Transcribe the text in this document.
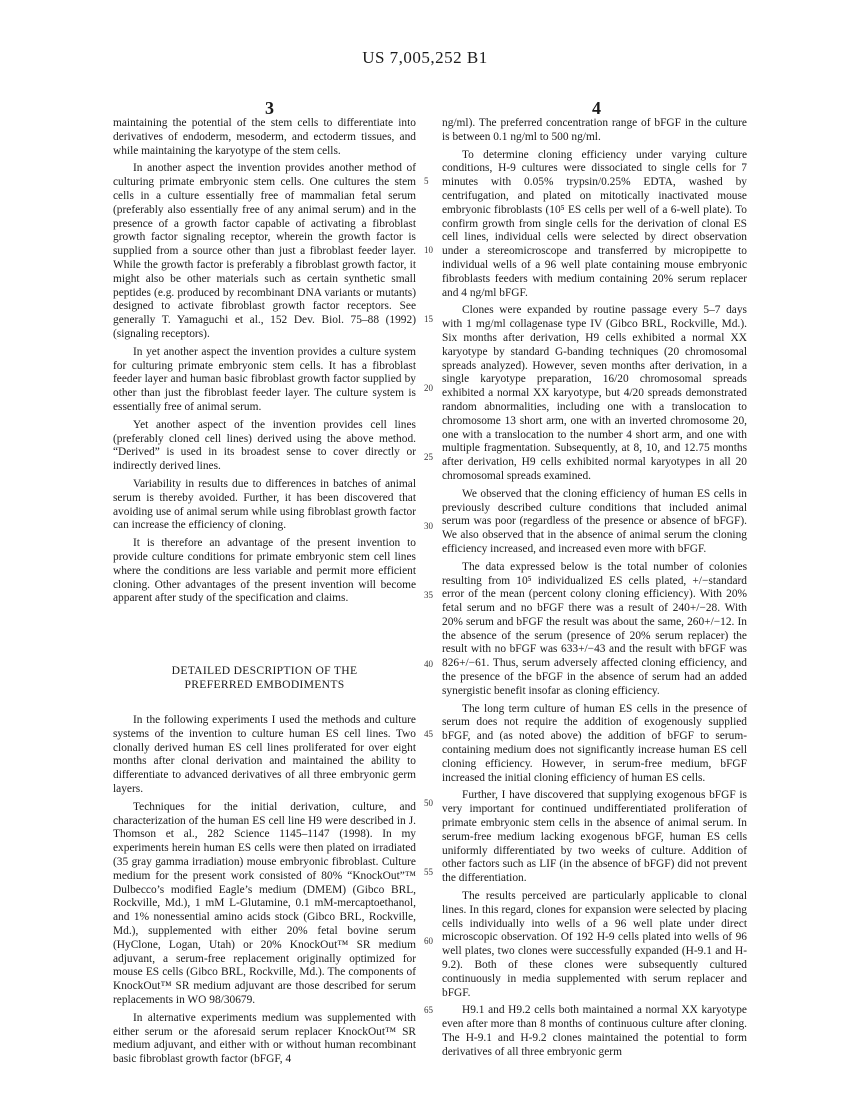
US 7,005,252 B1
3	4

maintaining the potential of the stem cells to differentiate into derivatives of endoderm, mesoderm, and ectoderm tissues, and while maintaining the karyotype of the stem cells.

In another aspect the invention provides another method of culturing primate embryonic stem cells. One cultures the stem cells in a culture essentially free of mammalian fetal serum (preferably also essentially free of any animal serum) and in the presence of a growth factor capable of activating a fibroblast growth factor signaling receptor, wherein the growth factor is supplied from a source other than just a fibroblast feeder layer. While the growth factor is preferably a fibroblast growth factor, it might also be other materials such as certain synthetic small peptides (e.g. produced by recombinant DNA variants or mutants) designed to activate fibroblast growth factor receptors. See generally T. Yamaguchi et al., 152 Dev. Biol. 75–88 (1992)(signaling receptors).

In yet another aspect the invention provides a culture system for culturing primate embryonic stem cells. It has a fibroblast feeder layer and human basic fibroblast growth factor supplied by other than just the fibroblast feeder layer. The culture system is essentially free of animal serum.

Yet another aspect of the invention provides cell lines (preferably cloned cell lines) derived using the above method. “Derived” is used in its broadest sense to cover directly or indirectly derived lines.

Variability in results due to differences in batches of animal serum is thereby avoided. Further, it has been discovered that avoiding use of animal serum while using fibroblast growth factor can increase the efficiency of cloning.

It is therefore an advantage of the present invention to provide culture conditions for primate embryonic stem cell lines where the conditions are less variable and permit more efficient cloning. Other advantages of the present invention will become apparent after study of the specification and claims.

DETAILED DESCRIPTION OF THE
PREFERRED EMBODIMENTS

In the following experiments I used the methods and culture systems of the invention to culture human ES cell lines. Two clonally derived human ES cell lines proliferated for over eight months after clonal derivation and maintained the ability to differentiate to advanced derivatives of all three embryonic germ layers.

Techniques for the initial derivation, culture, and characterization of the human ES cell line H9 were described in J. Thomson et al., 282 Science 1145–1147 (1998). In my experiments herein human ES cells were then plated on irradiated (35 gray gamma irradiation) mouse embryonic fibroblast. Culture medium for the present work consisted of 80% “KnockOut”™ Dulbecco’s modified Eagle’s medium (DMEM) (Gibco BRL, Rockville, Md.), 1 mM L-Glutamine, 0.1 mM-mercaptoethanol, and 1% nonessential amino acids stock (Gibco BRL, Rockville, Md.), supplemented with either 20% fetal bovine serum (HyClone, Logan, Utah) or 20% KnockOut™ SR medium adjuvant, a serum-free replacement originally optimized for mouse ES cells (Gibco BRL, Rockville, Md.). The components of KnockOut™ SR medium adjuvant are those described for serum replacements in WO 98/30679.

In alternative experiments medium was supplemented with either serum or the aforesaid serum replacer KnockOut™ SR medium adjuvant, and either with or without human recombinant basic fibroblast growth factor (bFGF, 4

ng/ml). The preferred concentration range of bFGF in the culture is between 0.1 ng/ml to 500 ng/ml.

To determine cloning efficiency under varying culture conditions, H-9 cultures were dissociated to single cells for 7 minutes with 0.05% trypsin/0.25% EDTA, washed by centrifugation, and plated on mitotically inactivated mouse embryonic fibroblasts (10⁵ ES cells per well of a 6-well plate). To confirm growth from single cells for the derivation of clonal ES cell lines, individual cells were selected by direct observation under a stereomicroscope and transferred by micropipette to individual wells of a 96 well plate containing mouse embryonic fibroblasts feeders with medium containing 20% serum replacer and 4 ng/ml bFGF.

Clones were expanded by routine passage every 5–7 days with 1 mg/ml collagenase type IV (Gibco BRL, Rockville, Md.). Six months after derivation, H9 cells exhibited a normal XX karyotype by standard G-banding techniques (20 chromosomal spreads analyzed). However, seven months after derivation, in a single karyotype preparation, 16/20 chromosomal spreads exhibited a normal XX karyotype, but 4/20 spreads demonstrated random abnormalities, including one with a translocation to chromosome 13 short arm, one with an inverted chromosome 20, one with a translocation to the number 4 short arm, and one with multiple fragmentation. Subsequently, at 8, 10, and 12.75 months after derivation, H9 cells exhibited normal karyotypes in all 20 chromosomal spreads examined.

We observed that the cloning efficiency of human ES cells in previously described culture conditions that included animal serum was poor (regardless of the presence or absence of bFGF). We also observed that in the absence of animal serum the cloning efficiency increased, and increased even more with bFGF.

The data expressed below is the total number of colonies resulting from 10⁵ individualized ES cells plated, +/−standard error of the mean (percent colony cloning efficiency). With 20% fetal serum and no bFGF there was a result of 240+/−28. With 20% serum and bFGF the result was about the same, 260+/−12. In the absence of the serum (presence of 20% serum replacer) the result with no bFGF was 633+/−43 and the result with bFGF was 826+/−61. Thus, serum adversely affected cloning efficiency, and the presence of the bFGF in the absence of serum had an added synergistic benefit insofar as cloning efficiency.

The long term culture of human ES cells in the presence of serum does not require the addition of exogenously supplied bFGF, and (as noted above) the addition of bFGF to serum-containing medium does not significantly increase human ES cell cloning efficiency. However, in serum-free medium, bFGF increased the initial cloning efficiency of human ES cells.

Further, I have discovered that supplying exogenous bFGF is very important for continued undifferentiated proliferation of primate embryonic stem cells in the absence of animal serum. In serum-free medium lacking exogenous bFGF, human ES cells uniformly differentiated by two weeks of culture. Addition of other factors such as LIF (in the absence of bFGF) did not prevent the differentiation.

The results perceived are particularly applicable to clonal lines. In this regard, clones for expansion were selected by placing cells individually into wells of a 96 well plate under direct microscopic observation. Of 192 H-9 cells plated into wells of 96 well plates, two clones were successfully expanded (H-9.1 and H-9.2). Both of these clones were subsequently cultured continuously in media supplemented with serum replacer and bFGF.

H9.1 and H9.2 cells both maintained a normal XX karyotype even after more than 8 months of continuous culture after cloning. The H-9.1 and H-9.2 clones maintained the potential to form derivatives of all three embryonic germ

5
10
15
20
25
30
35
40
45
50
55
60
65
